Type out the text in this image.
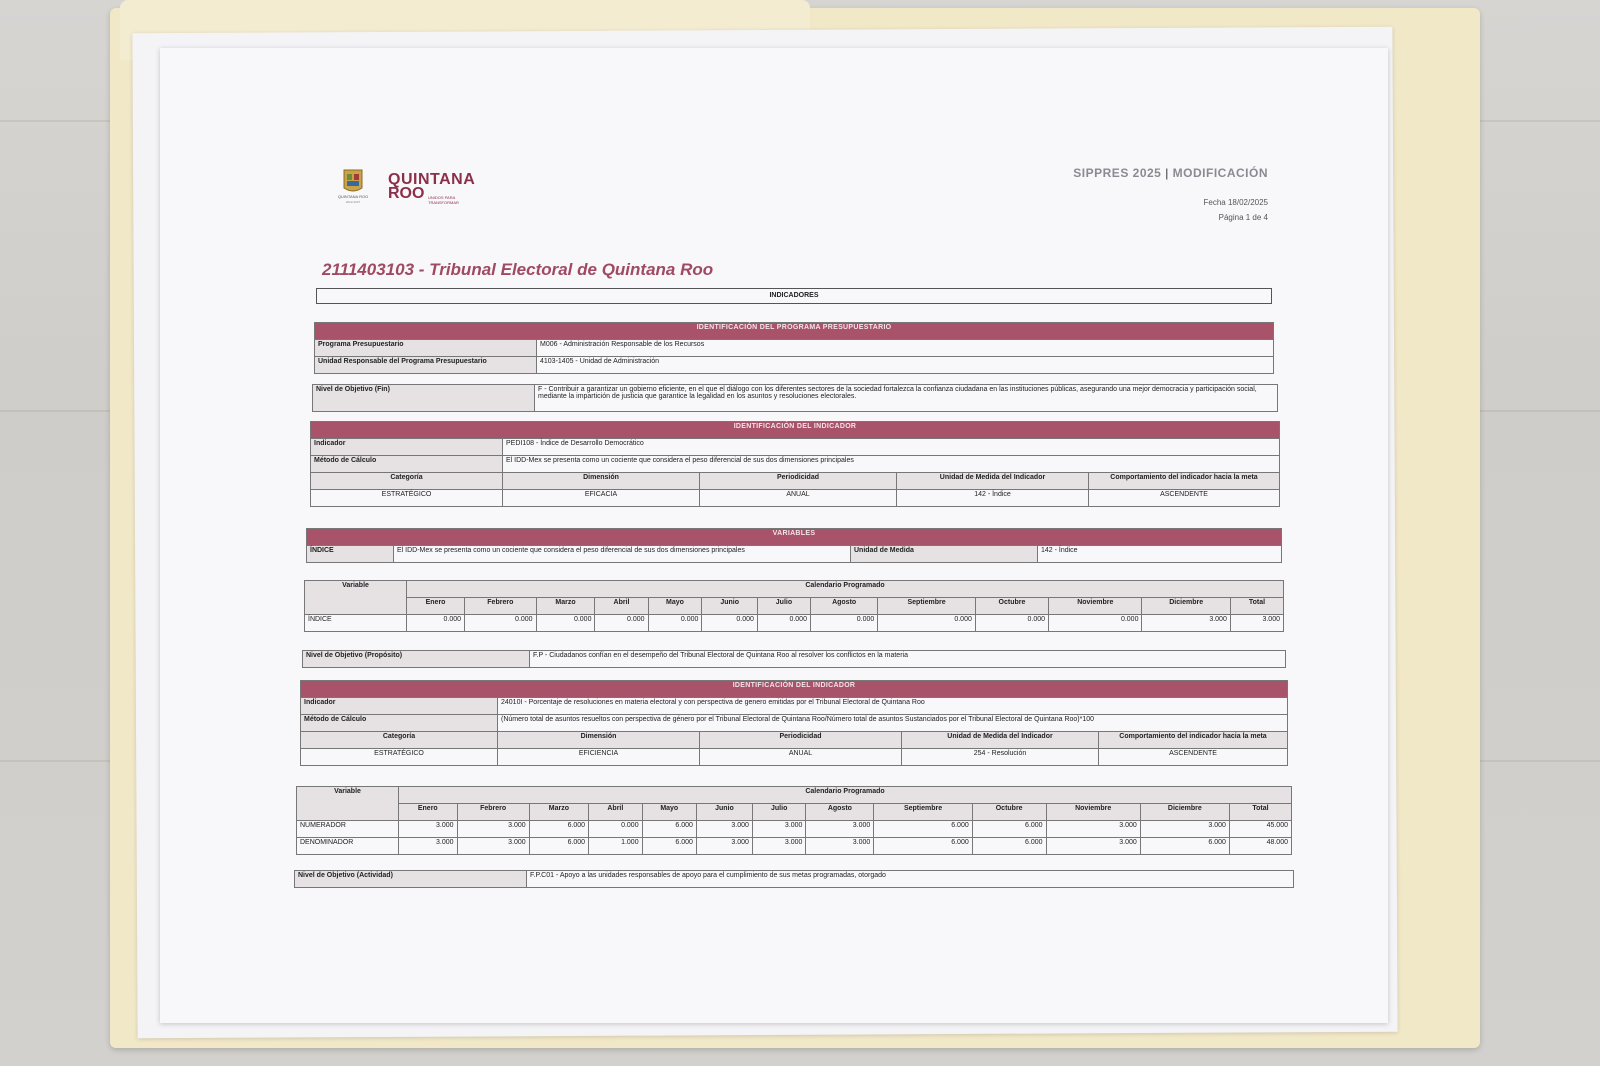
QUINTANA ROO
2022-2027
QUINTANA
ROO UNIDOS PARA TRANSFORMAR
SIPPRES 2025 | MODIFICACIÓN
Fecha 18/02/2025
Página 1 de 4
2111403103 - Tribunal Electoral de Quintana Roo
INDICADORES
IDENTIFICACIÓN DEL PROGRAMA PRESUPUESTARIO	
Programa Presupuestario	M006 - Administración Responsable de los Recursos
Unidad Responsable del Programa Presupuestario	4103-1405 - Unidad de Administración
Nivel de Objetivo (Fin)	F - Contribuir a garantizar un gobierno eficiente, en el que el diálogo con los diferentes sectores de la sociedad fortalezca la confianza ciudadana en las instituciones públicas, asegurando una mejor democracia y participación social, mediante la impartición de justicia que garantice la legalidad en los asuntos y resoluciones electorales.
IDENTIFICACIÓN DEL INDICADOR				
Indicador	PEDI108 - Índice de Desarrollo Democrático			
Método de Cálculo	El IDD-Mex se presenta como un cociente que considera el peso diferencial de sus dos dimensiones principales			
Categoría	Dimensión	Periodicidad	Unidad de Medida del Indicador	Comportamiento del indicador hacia la meta
ESTRATÉGICO	EFICACIA	ANUAL	142 - Índice	ASCENDENTE
VARIABLES
ÍNDICE	El IDD-Mex se presenta como un cociente que considera el peso diferencial de sus dos dimensiones principales	Unidad de Medida	142 - Índice
Variable	Calendario Programado												
	Enero	Febrero	Marzo	Abril	Mayo	Junio	Julio	Agosto	Septiembre	Octubre	Noviembre	Diciembre	Total
ÍNDICE	0.000	0.000	0.000	0.000	0.000	0.000	0.000	0.000	0.000	0.000	0.000	3.000	3.000
Nivel de Objetivo (Propósito)	F.P - Ciudadanos confían en el desempeño del Tribunal Electoral de Quintana Roo al resolver los conflictos en la materia
IDENTIFICACIÓN DEL INDICADOR				
Indicador	24010I - Porcentaje de resoluciones en materia electoral y con perspectiva de genero emitidas por el Tribunal Electoral de Quintana Roo			
Método de Cálculo	(Número total de asuntos resueltos con perspectiva de género por el Tribunal Electoral de Quintana Roo/Número total de asuntos Sustanciados por el Tribunal Electoral de Quintana Roo)*100			
Categoría	Dimensión	Periodicidad	Unidad de Medida del Indicador	Comportamiento del indicador hacia la meta
ESTRATÉGICO	EFICIENCIA	ANUAL	254 - Resolución	ASCENDENTE
Variable	Calendario Programado												
	Enero	Febrero	Marzo	Abril	Mayo	Junio	Julio	Agosto	Septiembre	Octubre	Noviembre	Diciembre	Total
NUMERADOR	3.000	3.000	6.000	0.000	6.000	3.000	3.000	3.000	6.000	6.000	3.000	3.000	45.000
DENOMINADOR	3.000	3.000	6.000	1.000	6.000	3.000	3.000	3.000	6.000	6.000	3.000	6.000	48.000
Nivel de Objetivo (Actividad)	F.P.C01 - Apoyo a las unidades responsables de apoyo para el cumplimiento de sus metas programadas, otorgado
